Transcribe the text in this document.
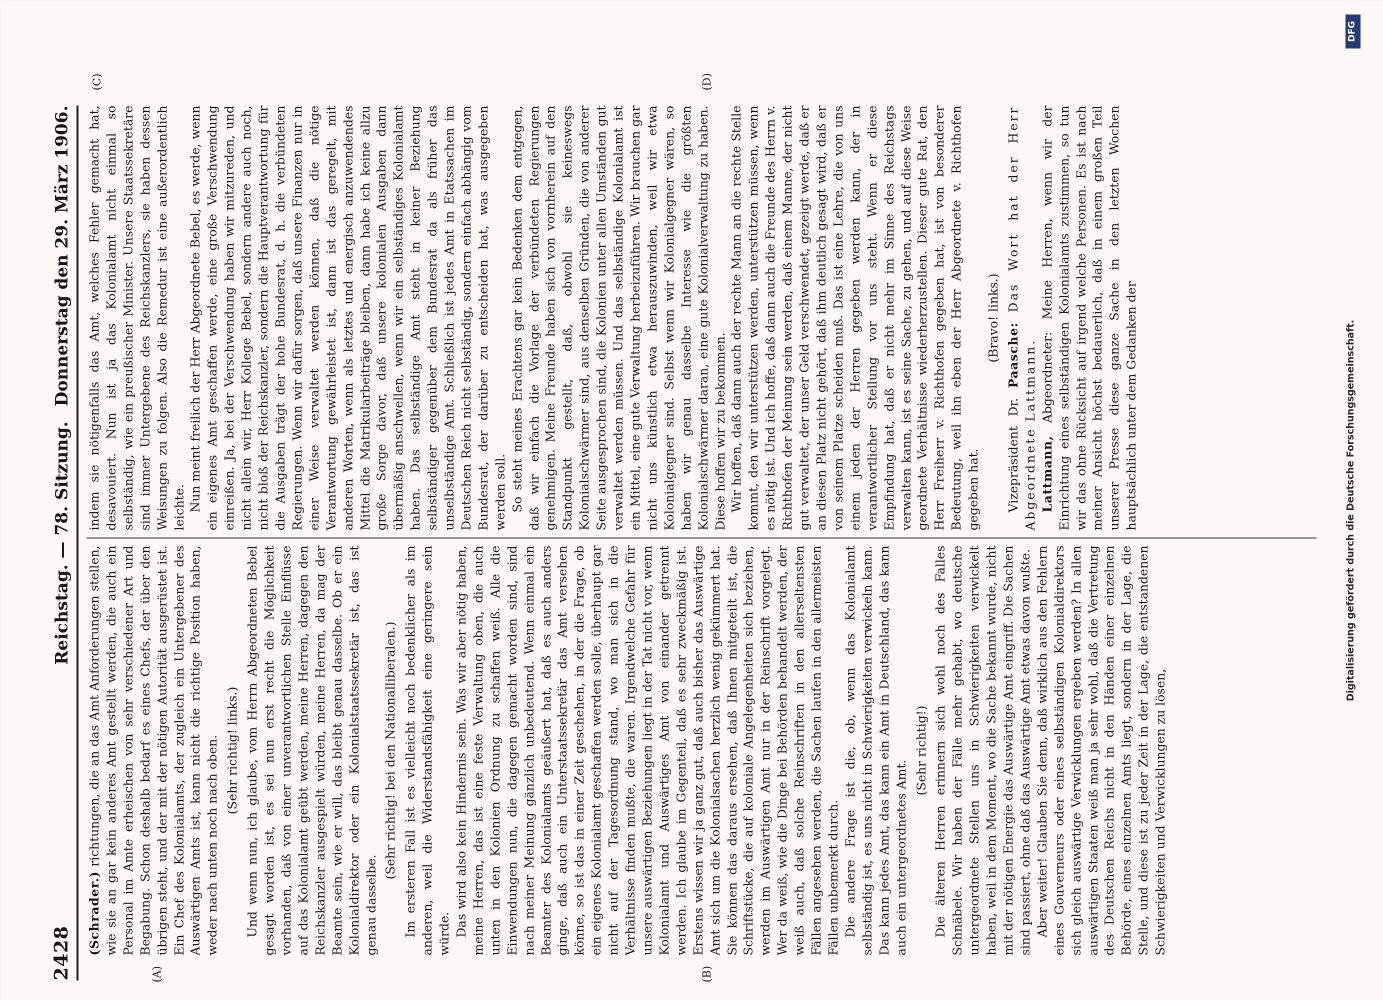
2428
Reichstag. — 78. Sitzung.
Donnerstag den 29. März 1906.
(A)	(B)
(C)	(D)

(Schrader.) richtungen, die an das Amt Anforderungen stellen, wie sie an gar kein anderes Amt gestellt werden, die auch ein Personal im Amte erheischen von sehr verschiedener Art und Begabung. Schon deshalb bedarf es eines Chefs, der über den übrigen steht, und der mit der nötigen Autorität ausgerüstet ist. Ein Chef des Kolonialamts, der zugleich ein Untergebener des Auswärtigen Amts ist, kann nicht die richtige Position haben, weder nach unten noch nach oben. (Sehr richtig! links.) Und wenn nun, ich glaube, vom Herrn Abgeordneten Bebel gesagt worden ist, es sei nun erst recht die Möglichkeit vorhanden, daß von einer unverantwortlichen Stelle Einflüsse auf das Kolonialamt geübt werden, meine Herren, dagegen den Reichskanzler ausgespielt würden, meine Herren, da mag der Beamte sein, wie er will, das bleibt genau dasselbe. Ob er ein Kolonialdirektor oder ein Kolonialstaatssekretär ist, das ist genau dasselbe.

(Sehr richtig! bei den Nationalliberalen.) Im ersteren Fall ist es vielleicht noch bedenklicher als im anderen, weil die Widerstandsfähigkeit eine geringere sein würde. Das wird also kein Hindernis sein. Was wir aber nötig haben, meine Herren, das ist eine feste Verwaltung oben, die auch unten in den Kolonien Ordnung zu schaffen weiß. Alle die Einwendungen nun, die dagegen gemacht worden sind, sind nach meiner Meinung gänzlich unbedeutend. Wenn einmal ein Beamter des Kolonialamts geäußert hat, daß es auch anders ginge, daß auch ein Unterstaatssekretär das Amt versehen könne, so ist das in einer Zeit geschehen, in der die Frage, ob ein eigenes Kolonialamt geschaffen werden solle, überhaupt gar nicht auf der Tagesordnung stand, wo man sich in die Verhältnisse finden mußte, die waren. Irgendwelche Gefahr für unsere auswärtigen Beziehungen liegt in der Tat nicht vor, wenn Kolonialamt und Auswärtiges Amt von einander getrennt werden. Ich glaube im Gegenteil, daß es sehr zweckmäßig ist. Erstens wissen wir ja ganz gut, daß auch bisher das Auswärtige Amt sich um die Kolonialsachen herzlich wenig gekümmert hat. Sie können das daraus ersehen, daß Ihnen mitgeteilt ist, die Schriftstücke, die auf koloniale Angelegenheiten sich beziehen, werden im Auswärtigen Amt nur in der Reinschrift vorgelegt. Wer da weiß, wie die Dinge bei Behörden behandelt werden, der weiß auch, daß solche Reinschriften in den allerseltensten Fällen angesehen werden, die Sachen laufen in den allermeisten Fällen unbemerkt durch. Die andere Frage ist die, ob, wenn das Kolonialamt selbständig ist, es uns nicht in Schwierigkeiten verwickeln kann. Das kann jedes Amt, das kann ein Amt in Deutschland, das kann auch ein untergeordnetes Amt.

(Sehr richtig!) Die älteren Herren erinnern sich wohl noch des Falles Schnäbele. Wir haben der Fälle mehr gehabt, wo deutsche untergeordnete Stellen uns in Schwierigkeiten verwickelt haben, weil in dem Moment, wo die Sache bekannt wurde, nicht mit der nötigen Energie das Auswärtige Amt eingriff. Die Sachen sind passiert, ohne daß das Auswärtige Amt etwas davon wußte. Aber weiter! Glauben Sie denn, daß wirklich aus den Fehlern eines Gouverneurs oder eines selbständigen Kolonialdirektors sich gleich auswärtige Verwicklungen ergeben werden? In allen auswärtigen Staaten weiß man ja sehr wohl, daß die Vertretung des Deutschen Reichs nicht in den Händen einer einzelnen Behörde, eines einzelnen Amts liegt, sondern in der Lage, die Stelle, und diese ist zu jeder Zeit in der Lage, die entstandenen Schwierigkeiten und Verwicklungen zu lösen,

indem sie nötigenfalls das Amt, welches Fehler gemacht hat, desavouiert. Nun ist ja das Kolonialamt nicht einmal so selbständig, wie ein preußischer Minister. Unsere Staatssekretäre sind immer Untergebene des Reichskanzlers, sie haben dessen Weisungen zu folgen. Also die Remedur ist eine außerordentlich leichte. Nun meint freilich der Herr Abgeordnete Bebel, es werde, wenn ein eigenes Amt geschaffen werde, eine große Verschwendung einreißen. Ja, bei der Verschwendung haben wir mitzureden, und nicht allein wir, Herr Kollege Bebel, sondern andere auch noch, nicht bloß der Reichskanzler, sondern die Hauptverantwortung für die Ausgaben trägt der hohe Bundesrat, d. h. die verbündeten Regierungen. Wenn wir dafür sorgen, daß unsere Finanzen nur in einer Weise verwaltet werden können, daß die nötige Verantwortung gewährleistet ist, dann ist das geregelt, mit anderen Worten, wenn als letztes und energisch anzuwendendes Mittel die Matrikularbeiträge bleiben, dann habe ich keine allzu große Sorge davor, daß unsere kolonialen Ausgaben dann übermäßig anschwellen, wenn wir ein selbständiges Kolonialamt haben. Das selbständige Amt steht in keiner Beziehung selbständiger gegenüber dem Bundesrat da als früher das unselbständige Amt. Schließlich ist jedes Amt in Etatssachen im Deutschen Reich nicht selbständig, sondern einfach abhängig vom Bundesrat, der darüber zu entscheiden hat, was ausgegeben werden soll. So steht meines Erachtens gar kein Bedenken dem entgegen, daß wir einfach die Vorlage der verbündeten Regierungen genehmigen. Meine Freunde haben sich von vornherein auf den Standpunkt gestellt, daß, obwohl sie keineswegs Kolonialschwärmer sind, aus denselben Gründen, die von anderer Seite ausgesprochen sind, die Kolonien unter allen Umständen gut verwaltet werden müssen. Und das selbständige Kolonialamt ist ein Mittel, eine gute Verwaltung herbeizuführen. Wir brauchen gar nicht uns künstlich etwa herauszuwinden, weil wir etwa Kolonialgegner sind. Selbst wenn wir Kolonialgegner wären, so haben wir genau dasselbe Interesse wie die größten Kolonialschwärmer daran, eine gute Kolonialverwaltung zu haben. Diese hoffen wir zu bekommen. Wir hoffen, daß dann auch der rechte Mann an die rechte Stelle kommt, den wir unterstützen werden, unterstützen müssen, wenn es nötig ist. Und ich hoffe, daß dann auch die Freunde des Herrn v. Richthofen der Meinung sein werden, daß einem Manne, der nicht gut verwaltet, der unser Geld verschwendet, gezeigt werde, daß er an diesen Platz nicht gehört, daß ihm deutlich gesagt wird, daß er von seinem Platze scheiden muß. Das ist eine Lehre, die von uns einem jeden der Herren gegeben werden kann, der in verantwortlicher Stellung vor uns steht. Wenn er diese Empfindung hat, daß er nicht mehr im Sinne des Reichstags verwalten kann, ist es seine Sache, zu gehen, und auf diese Weise geordnete Verhältnisse wiederherzustellen. Dieser gute Rat, den Herr Freiherr v. Richthofen gegeben hat, ist von besonderer Bedeutung, weil ihn eben der Herr Abgeordnete v. Richthofen gegeben hat.

(Bravo! links.)

Vizepräsident Dr. Paasche: Das Wort hat der Herr Abgeordnete Lattmann. Lattmann, Abgeordneter: Meine Herren, wenn wir der Einrichtung eines selbständigen Kolonialamts zustimmen, so tun wir das ohne Rücksicht auf irgend welche Personen. Es ist nach meiner Ansicht höchst bedauerlich, daß in einem großen Teil unserer Presse diese ganze Sache in den letzten Wochen hauptsächlich unter dem Gedanken der	Digitalisierung gefördert durch die Deutsche Forschungsgemeinschaft.
DFG
